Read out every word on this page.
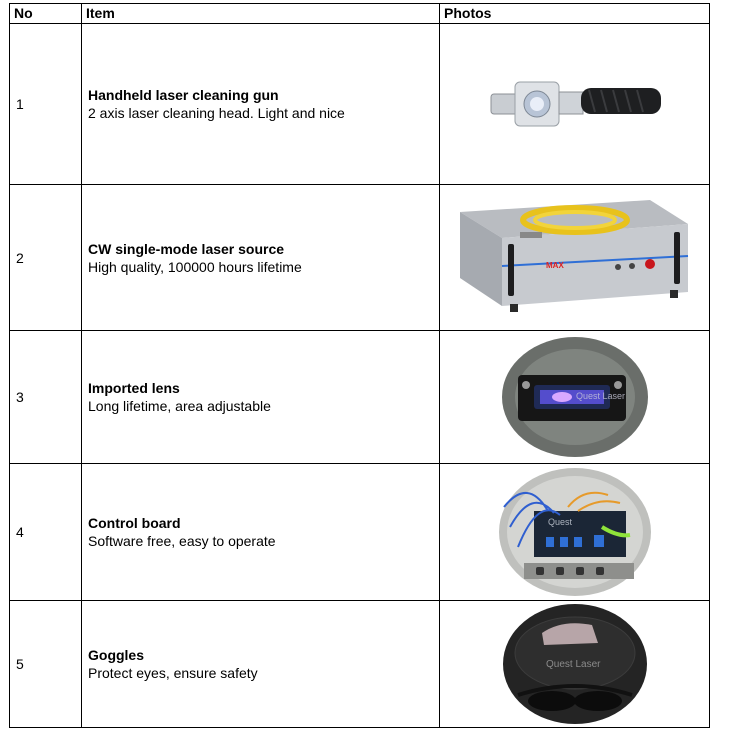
No	Item	Photos
1	Handheld laser cleaning gun
2 axis laser cleaning head. Light and nice

2	CW single-mode laser source
High quality, 100000 hours lifetime	MAX

3	Imported lens
Long lifetime, area adjustable	Quest Laser

4	Control board
Software free, easy to operate	Quest

5	Goggles
Protect eyes, ensure safety	Quest Laser
